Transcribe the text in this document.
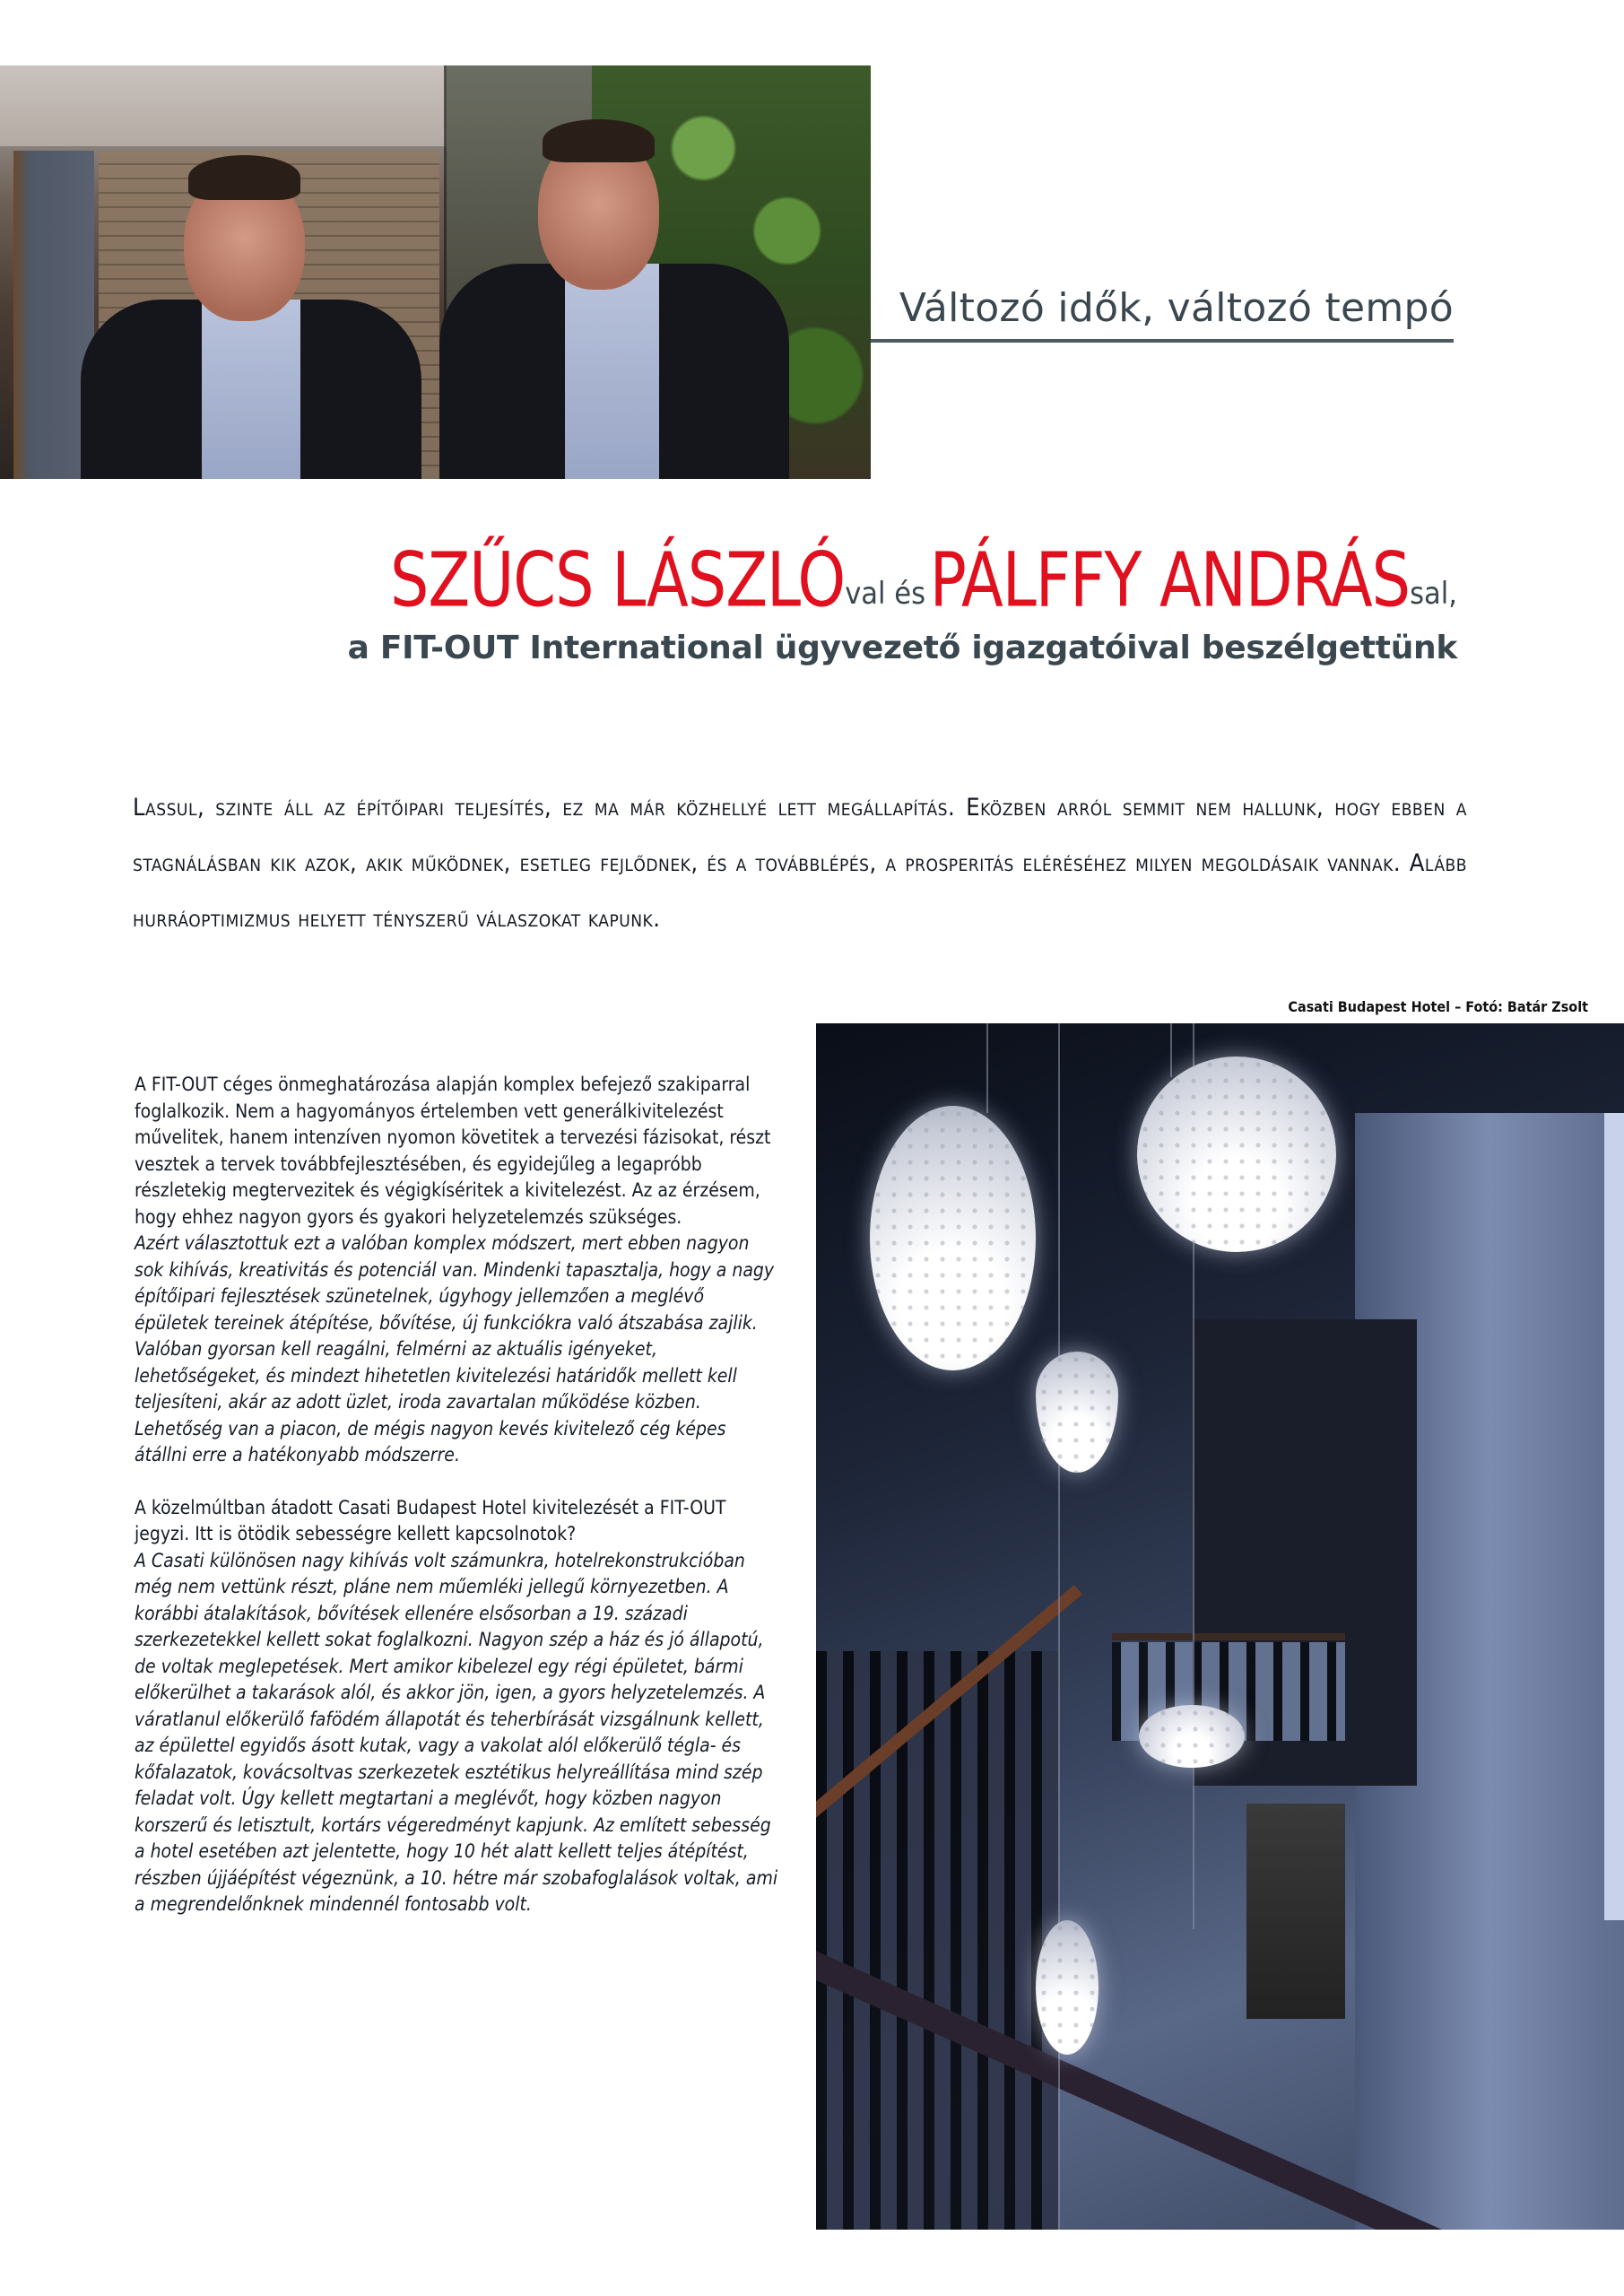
Változó idők, változó tempó
SZŰCS LÁSZLÓval és PÁLFFY ANDRÁSsal,
a FIT-OUT International ügyvezető igazgatóival beszélgettünk
Lassul, szinte áll az építőipari teljesítés, ez ma már közhellyé lett megállapítás. Eközben arról semmit nem hallunk, hogy ebben a stagnálásban kik azok, akik működnek, esetleg fejlődnek, és a továbblépés, a prosperitás eléréséhez milyen megoldásaik vannak. Alább hurráoptimizmus helyett tényszerű válaszokat kapunk.
Casati Budapest Hotel – Fotó: Batár Zsolt

A FIT-OUT céges önmeghatározása alapján komplex befejező szakiparral foglalkozik. Nem a hagyományos értelemben vett generálkivitelezést művelitek, hanem intenzíven nyomon követitek a tervezési fázisokat, részt vesztek a tervek továbbfejlesztésében, és egyidejűleg a legapróbb részletekig megtervezitek és végigkíséritek a kivitelezést. Az az érzésem, hogy ehhez nagyon gyors és gyakori helyzetelemzés szükséges.

Azért választottuk ezt a valóban komplex módszert, mert ebben nagyon sok kihívás, kreativitás és potenciál van. Mindenki tapasztalja, hogy a nagy építőipari fejlesztések szünetelnek, úgyhogy jellemzően a meglévő épületek tereinek átépítése, bővítése, új funkciókra való átszabása zajlik. Valóban gyorsan kell reagálni, felmérni az aktuális igényeket, lehetőségeket, és mindezt hihetetlen kivitelezési határidők mellett kell teljesíteni, akár az adott üzlet, iroda zavartalan működése közben. Lehetőség van a piacon, de mégis nagyon kevés kivitelező cég képes átállni erre a hatékonyabb módszerre.

A közelmúltban átadott Casati Budapest Hotel kivitelezését a FIT-OUT jegyzi. Itt is ötödik sebességre kellett kapcsolnotok?

A Casati különösen nagy kihívás volt számunkra, hotelrekonstrukcióban még nem vettünk részt, pláne nem műemléki jellegű környezetben. A korábbi átalakítások, bővítések ellenére elsősorban a 19. századi szerkezetekkel kellett sokat foglalkozni. Nagyon szép a ház és jó állapotú, de voltak meglepetések. Mert amikor kibelezel egy régi épületet, bármi előkerülhet a takarások alól, és akkor jön, igen, a gyors helyzetelemzés. A váratlanul előkerülő fafödém állapotát és teherbírását vizsgálnunk kellett, az épülettel egyidős ásott kutak, vagy a vakolat alól előkerülő tégla- és kőfalazatok, kovácsoltvas szerkezetek esztétikus helyreállítása mind szép feladat volt. Úgy kellett megtartani a meglévőt, hogy közben nagyon korszerű és letisztult, kortárs végeredményt kapjunk. Az említett sebesség a hotel esetében azt jelentette, hogy 10 hét alatt kellett teljes átépítést, részben újjáépítést végeznünk, a 10. hétre már szobafoglalások voltak, ami a megrendelőnknek mindennél fontosabb volt.
